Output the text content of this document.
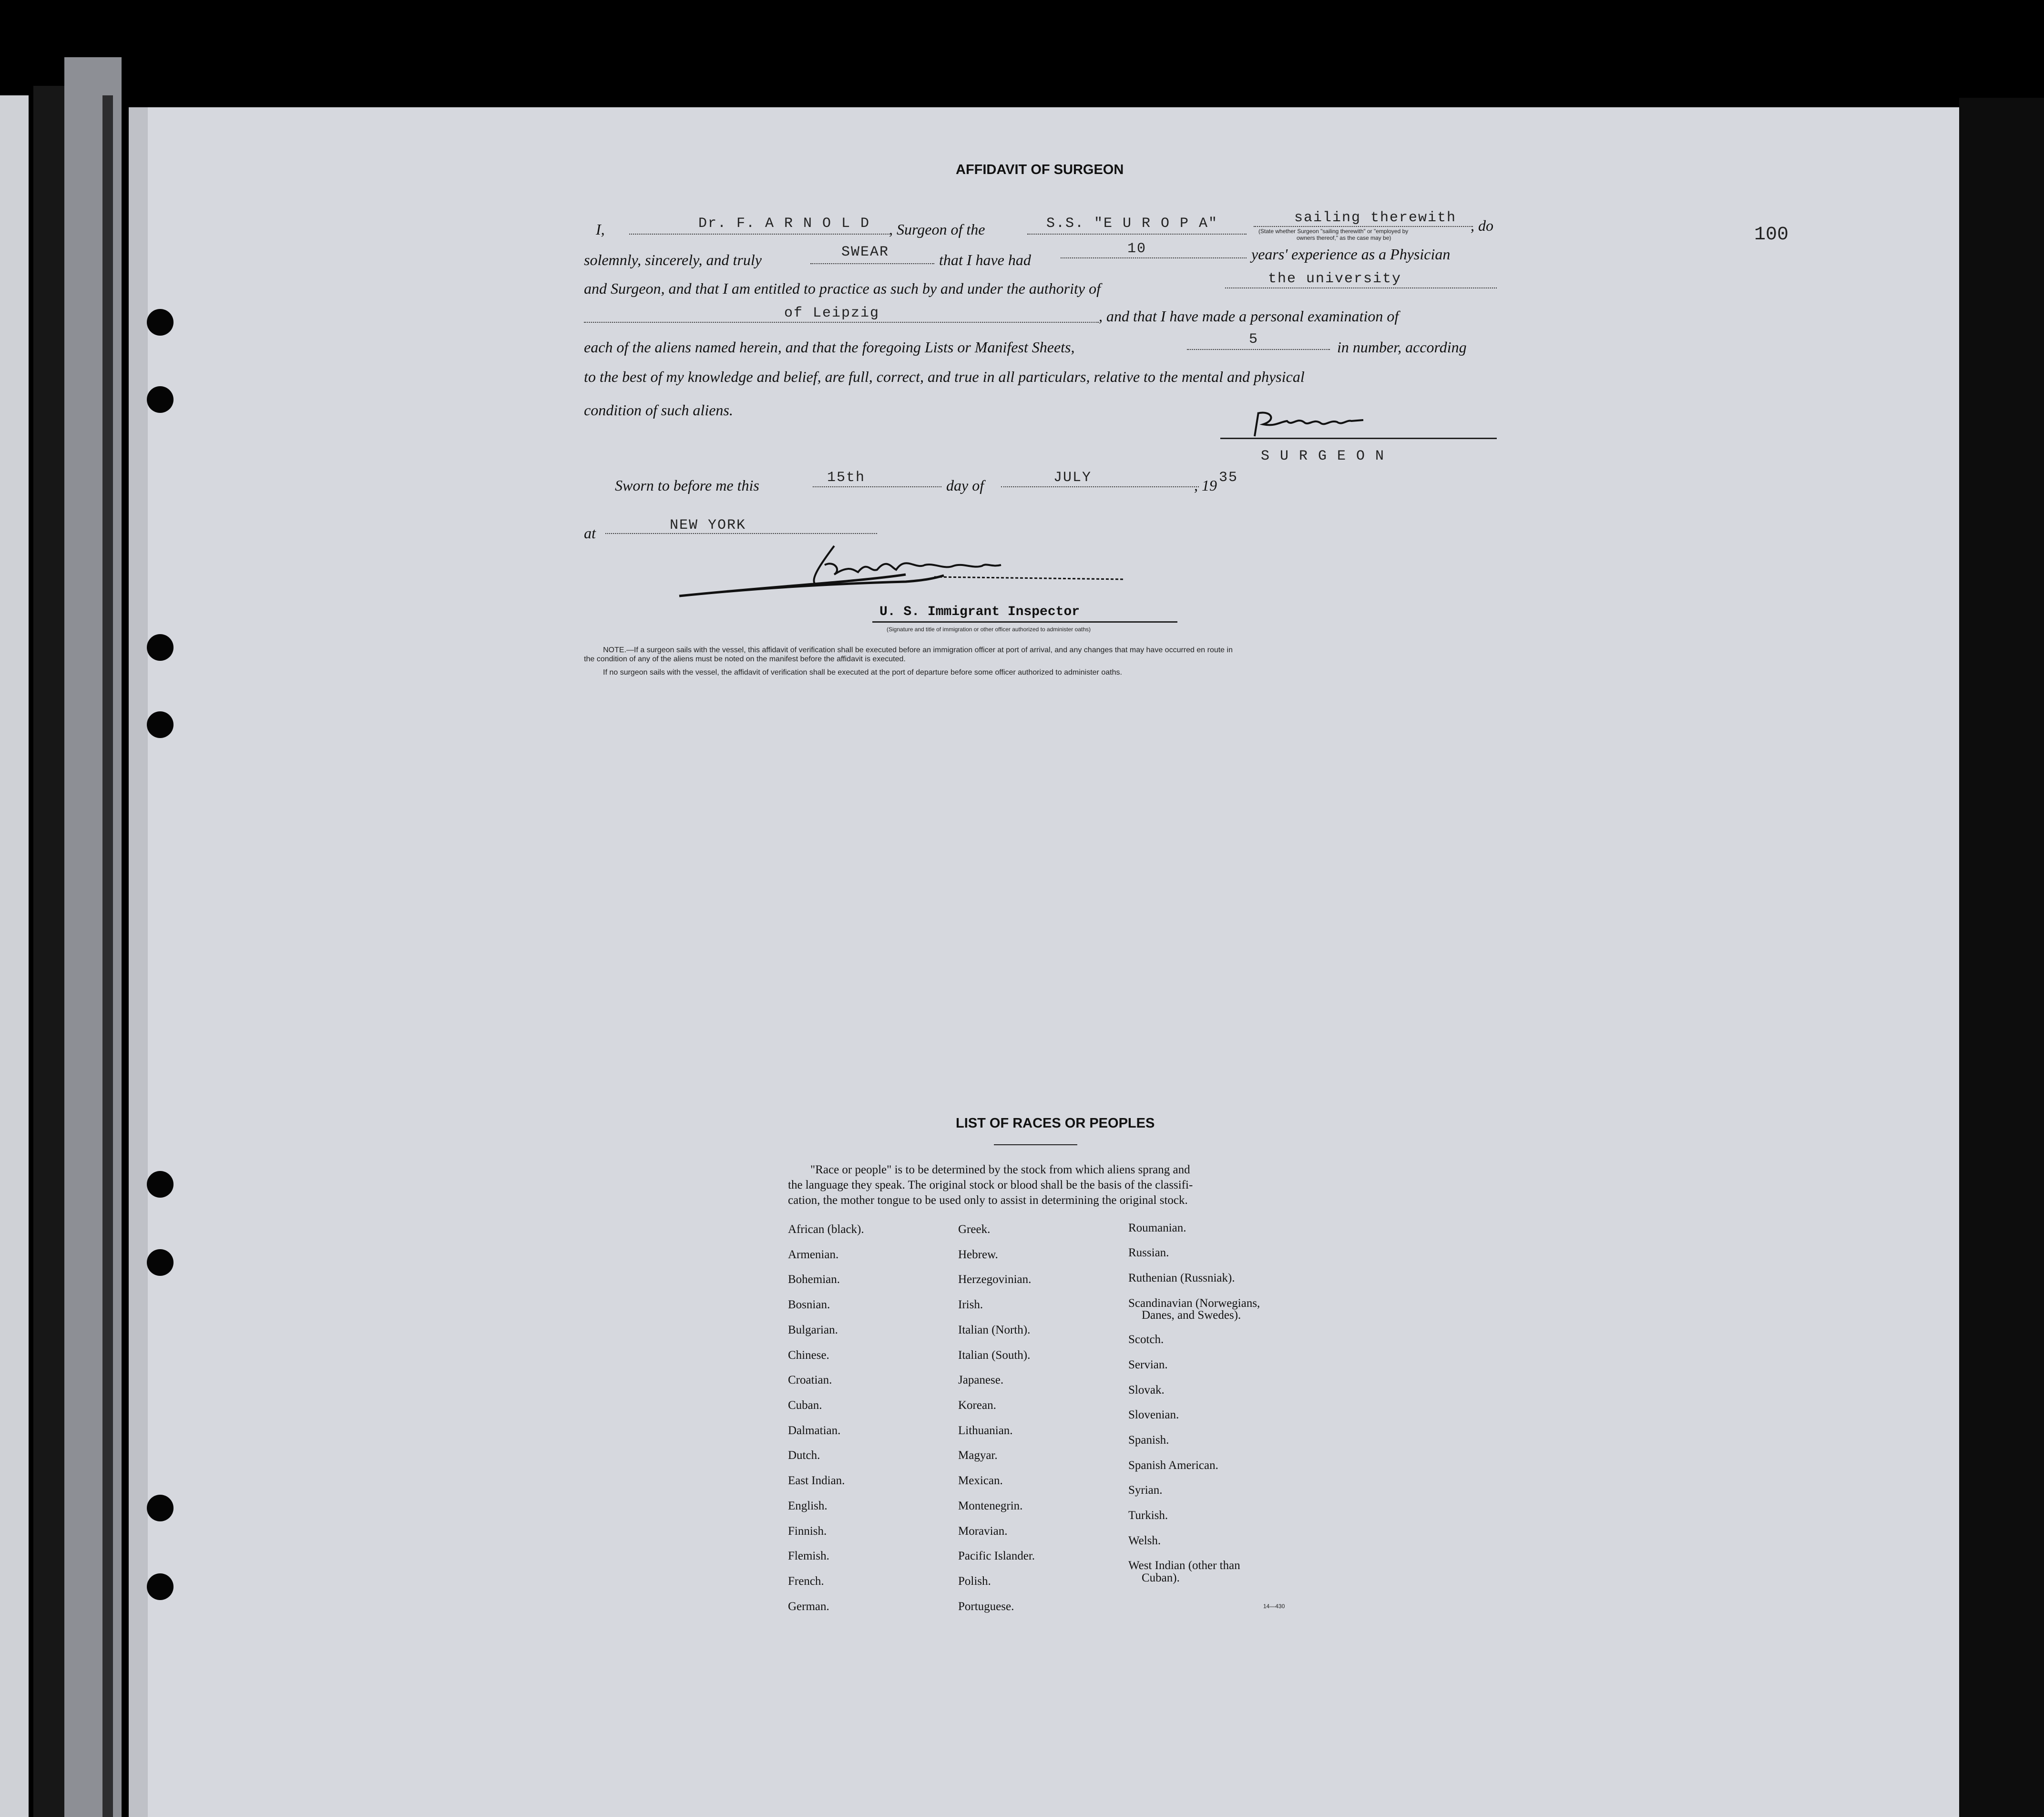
100
AFFIDAVIT OF SURGEON
I,	Dr. F. A R N O L D , Surgeon of the	S.S. "E U R O P A"	sailing therewith , do
(State whether Surgeon "sailing therewith" or "employed by
owners thereof," as the case may be)
solemnly, sincerely, and truly	SWEAR	that I have had
10	years' experience as a Physician
and Surgeon, and that I am entitled to practice as such by and under the authority of
the university
of Leipzig	, and that I have made a personal examination of
each of the aliens named herein, and that the foregoing Lists or Manifest Sheets,	5	in number, according
to the best of my knowledge and belief, are full, correct, and true in all particulars, relative to the mental and physical
condition of such aliens.
S U R G E O N
Sworn to before me this	15th	day of	JULY	, 19 35
at	NEW YORK
U. S. Immigrant Inspector
(Signature and title of immigration or other officer authorized to administer oaths)
NOTE.—If a surgeon sails with the vessel, this affidavit of verification shall be executed before an immigration officer at port of arrival, and any changes that may have occurred en route in
the condition of any of the aliens must be noted on the manifest before the affidavit is executed.
If no surgeon sails with the vessel, the affidavit of verification shall be executed at the port of departure before some officer authorized to administer oaths.
LIST OF RACES OR PEOPLES
"Race or people" is to be determined by the stock from which aliens sprang and
the language they speak. The original stock or blood shall be the basis of the classifi-
cation, the mother tongue to be used only to assist in determining the original stock.
African (black).
Armenian.
Bohemian.
Bosnian.
Bulgarian.
Chinese.
Croatian.
Cuban.
Dalmatian.
Dutch.
East Indian.
English.
Finnish.
Flemish.
French.
German.
Greek.
Hebrew.
Herzegovinian.
Irish.
Italian (North).
Italian (South).
Japanese.
Korean.
Lithuanian.
Magyar.
Mexican.
Montenegrin.
Moravian.
Pacific Islander.
Polish.
Portuguese.
Roumanian.
Russian.
Ruthenian (Russniak).
Scandinavian (Norwegians,
Danes, and Swedes).
Scotch.
Servian.
Slovak.
Slovenian.
Spanish.
Spanish American.
Syrian.
Turkish.
Welsh.
West Indian (other than
Cuban).
14—430
